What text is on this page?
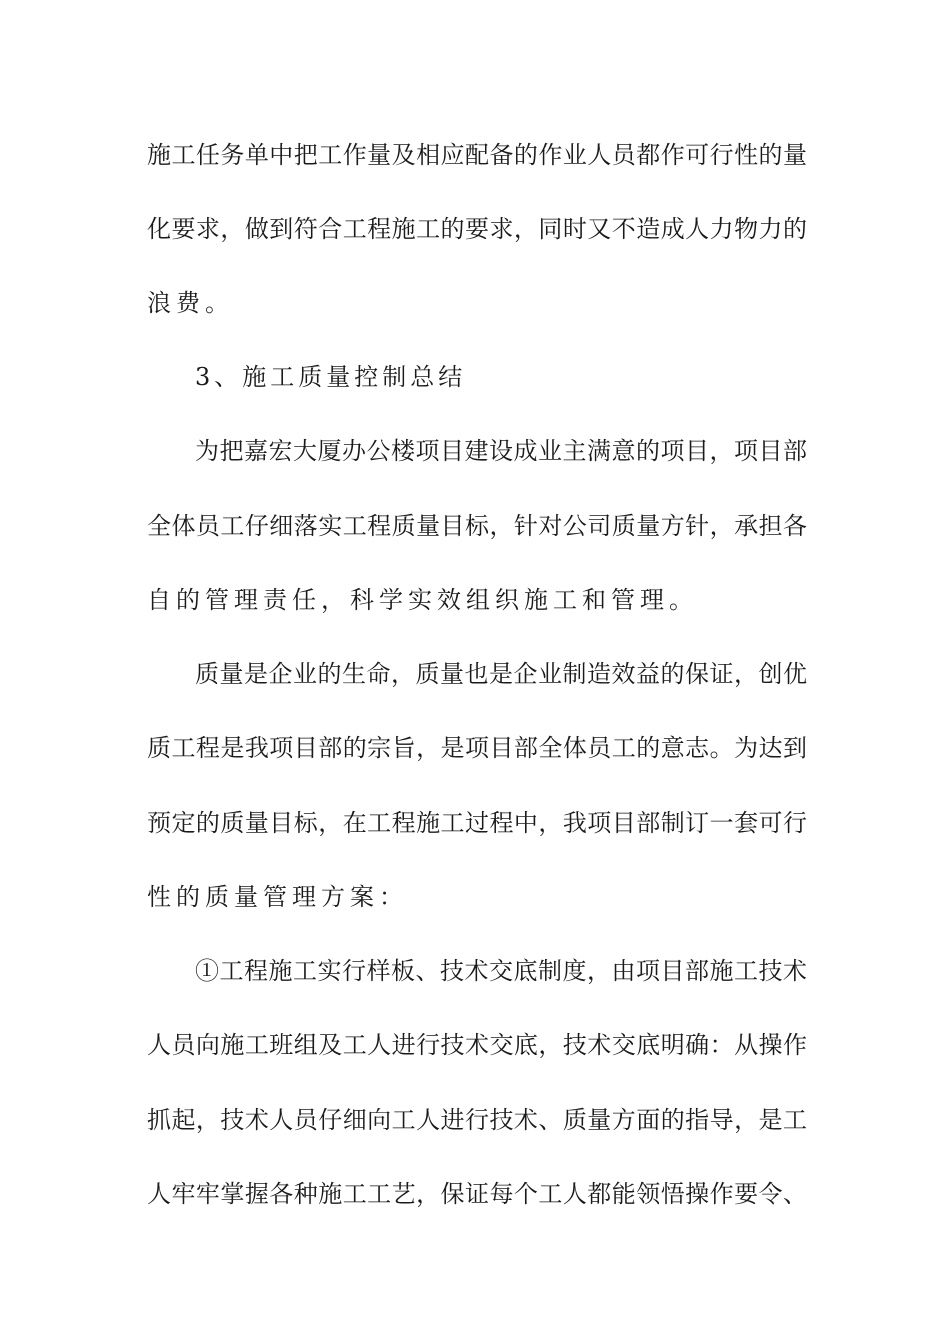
施工任务单中把工作量及相应配备的作业人员都作可行性的量
化要求，做到符合工程施工的要求，同时又不造成人力物力的
浪费。
3、施工质量控制总结
为把嘉宏大厦办公楼项目建设成业主满意的项目，项目部
全体员工仔细落实工程质量目标，针对公司质量方针，承担各
自的管理责任，科学实效组织施工和管理。
质量是企业的生命，质量也是企业制造效益的保证，创优
质工程是我项目部的宗旨，是项目部全体员工的意志。为达到
预定的质量目标，在工程施工过程中，我项目部制订一套可行
性的质量管理方案：
①工程施工实行样板、技术交底制度，由项目部施工技术
人员向施工班组及工人进行技术交底，技术交底明确：从操作
抓起，技术人员仔细向工人进行技术、质量方面的指导，是工
人牢牢掌握各种施工工艺，保证每个工人都能领悟操作要令、
